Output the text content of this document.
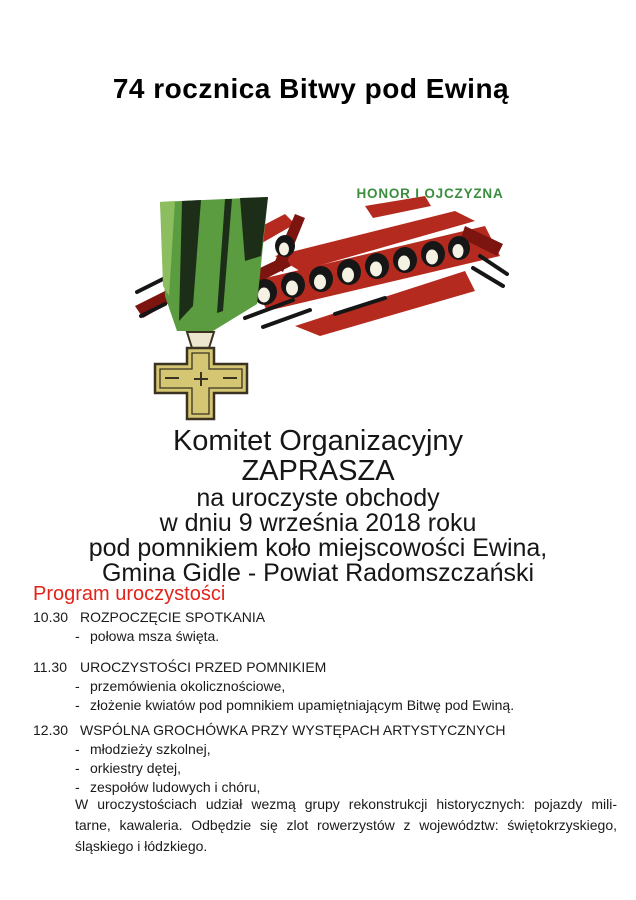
74 rocznica Bitwy pod Ewiną
HONOR I OJCZYZNA
Komitet Organizacyjny
ZAPRASZA
na uroczyste obchody
w dniu 9 września 2018 roku
pod pomnikiem koło miejscowości Ewina,
Gmina Gidle - Powiat Radomszczański
Program uroczystości
10.30 ROZPOCZĘCIE SPOTKANIA
- połowa msza święta.
11.30 UROCZYSTOŚCI PRZED POMNIKIEM
- przemówienia okolicznościowe,
- złożenie kwiatów pod pomnikiem upamiętniającym Bitwę pod Ewiną.
12.30 WSPÓLNA GROCHÓWKA PRZY WYSTĘPACH ARTYSTYCZNYCH
- młodzieży szkolnej,
- orkiestry dętej,
- zespołów ludowych i chóru,
W uroczystościach udział wezmą grupy rekonstrukcji historycznych: pojazdy mili-
tarne, kawaleria. Odbędzie się zlot rowerzystów z województw: świętokrzyskiego,
śląskiego i łódzkiego.
